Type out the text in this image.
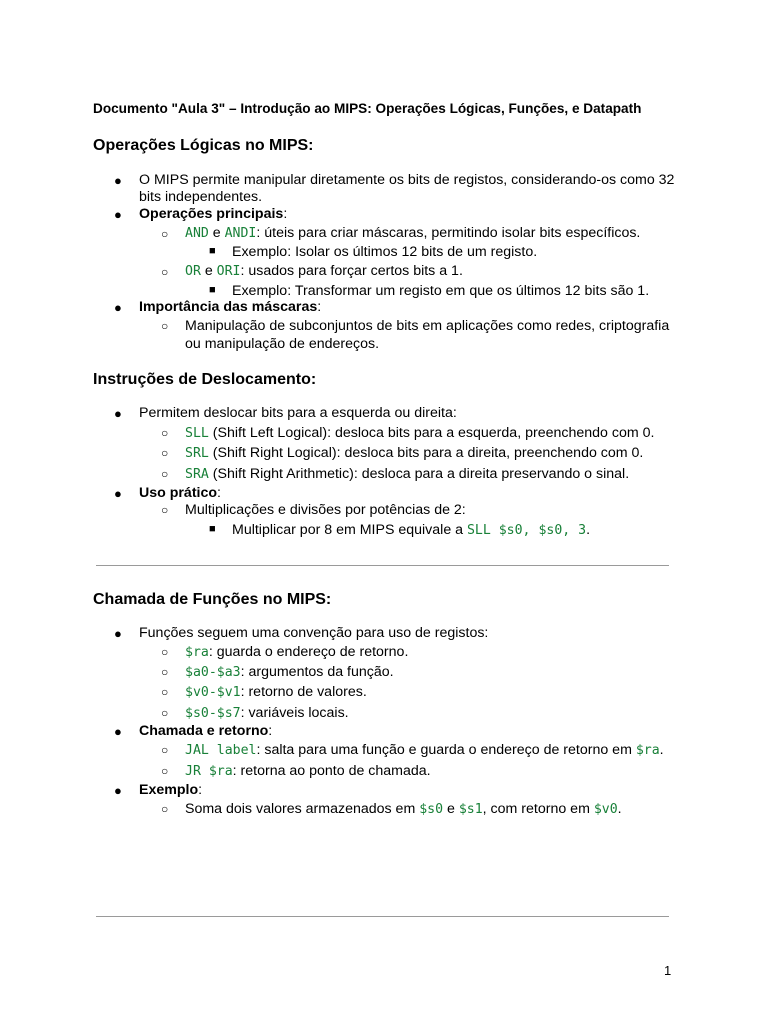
Documento "Aula 3" – Introdução ao MIPS: Operações Lógicas, Funções, e Datapath
Operações Lógicas no MIPS:
● O MIPS permite manipular diretamente os bits de registos, considerando-os como 32
bits independentes.
● Operações principais:
○ AND e ANDI: úteis para criar máscaras, permitindo isolar bits específicos.
■ Exemplo: Isolar os últimos 12 bits de um registo.
○ OR e ORI: usados para forçar certos bits a 1.
■ Exemplo: Transformar um registo em que os últimos 12 bits são 1.
● Importância das máscaras:
○ Manipulação de subconjuntos de bits em aplicações como redes, criptografia
ou manipulação de endereços.
Instruções de Deslocamento:
● Permitem deslocar bits para a esquerda ou direita:
○ SLL (Shift Left Logical): desloca bits para a esquerda, preenchendo com 0.
○ SRL (Shift Right Logical): desloca bits para a direita, preenchendo com 0.
○ SRA (Shift Right Arithmetic): desloca para a direita preservando o sinal.
● Uso prático:
○ Multiplicações e divisões por potências de 2:
■ Multiplicar por 8 em MIPS equivale a SLL $s0, $s0, 3.
Chamada de Funções no MIPS:
● Funções seguem uma convenção para uso de registos:
○ $ra: guarda o endereço de retorno.
○ $a0-$a3: argumentos da função.
○ $v0-$v1: retorno de valores.
○ $s0-$s7: variáveis locais.
● Chamada e retorno:
○ JAL label: salta para uma função e guarda o endereço de retorno em $ra.
○ JR $ra: retorna ao ponto de chamada.
● Exemplo:
○ Soma dois valores armazenados em $s0 e $s1, com retorno em $v0.
1
